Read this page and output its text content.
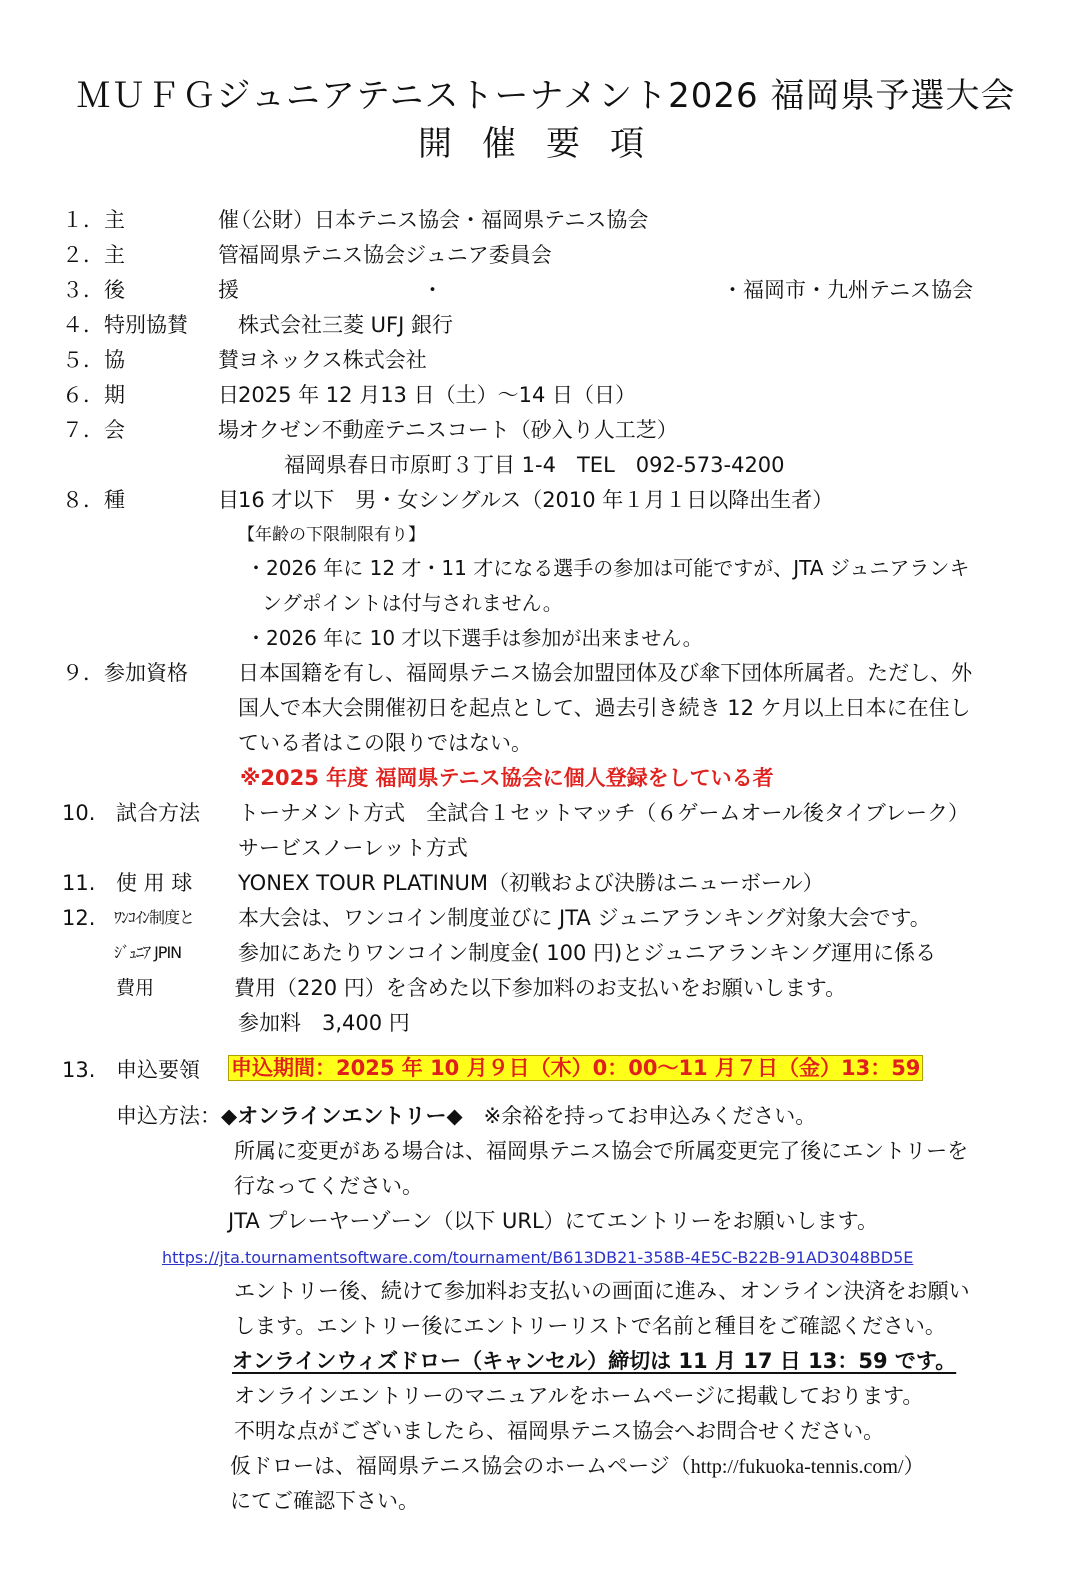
ＭＵＦＧジュニアテニストーナメント2026 福岡県予選大会
開催要項
１． 主　催
（公財）日本テニス協会・福岡県テニス協会
２． 主　管
福岡県テニス協会ジュニア委員会
３． 後　援	・	・福岡市・九州テニス協会
４． 特別協賛 株式会社三菱 UFJ 銀行
５． 協　賛
ヨネックス株式会社
６． 期　日
2025 年 12 月13 日（土）～14 日（日）
７． 会　場
オクゼン不動産テニスコート（砂入り人工芝）
福岡県春日市原町３丁目 1-4　TEL　092-573-4200
８． 種　目
16 才以下　男・女シングルス（2010 年１月１日以降出生者）
【年齢の下限制限有り】
・2026 年に 12 才・11 才になる選手の参加は可能ですが、JTA ジュニアランキ
ングポイントは付与されません。
・2026 年に 10 才以下選手は参加が出来ません。
９． 参加資格 日本国籍を有し、福岡県テニス協会加盟団体及び傘下団体所属者。ただし、外
国人で本大会開催初日を起点として、過去引き続き 12 ケ月以上日本に在住し
ている者はこの限りではない。
※2025 年度 福岡県テニス協会に個人登録をしている者
10. 試合方法 トーナメント方式　全試合１セットマッチ（６ゲームオール後タイブレーク）
サービスノーレット方式
11. 使 用 球 YONEX TOUR PLATINUM（初戦および決勝はニューボール）
12. ﾜﾝｺｲﾝ制度と
ｼﾞｭﾆｱ JPIN
費用
本大会は、ワンコイン制度並びに JTA ジュニアランキング対象大会です。
参加にあたりワンコイン制度金( 100 円)とジュニアランキング運用に係る
費用（220 円）を含めた以下参加料のお支払いをお願いします。
参加料　3,400 円
13. 申込要領 申込期間：2025 年 10 月９日（木）0：00～11 月７日（金）13：59
申込方法：◆オンラインエントリー◆　※余裕を持ってお申込みください。
所属に変更がある場合は、福岡県テニス協会で所属変更完了後にエントリーを
行なってください。
JTA プレーヤーゾーン（以下 URL）にてエントリーをお願いします。
https://jta.tournamentsoftware.com/tournament/B613DB21-358B-4E5C-B22B-91AD3048BD5E
エントリー後、続けて参加料お支払いの画面に進み、オンライン決済をお願い
します。エントリー後にエントリーリストで名前と種目をご確認ください。
オンラインウィズドロー（キャンセル）締切は 11 月 17 日 13：59 です。
オンラインエントリーのマニュアルをホームページに掲載しております。
不明な点がございましたら、福岡県テニス協会へお問合せください。
仮ドローは、福岡県テニス協会のホームページ（http://fukuoka-tennis.com/）
にてご確認下さい。
